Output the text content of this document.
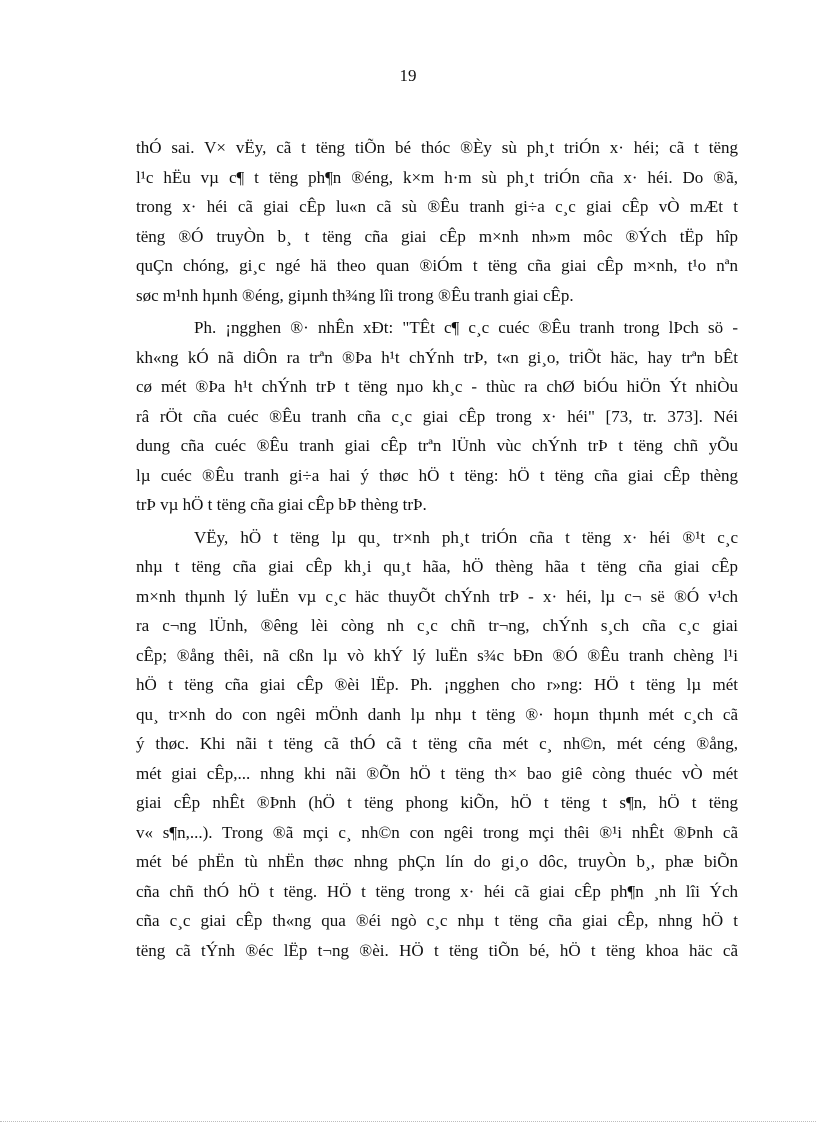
19

thÓ sai. V× vËy, cã t tëng tiÕn bé thóc ®Èy sù ph¸t triÓn x· héi; cã t tëng
l¹c hËu vµ c¶ t tëng ph¶n ®éng, k×m h·m sù ph¸t triÓn cña x· héi. Do ®ã,
trong x· héi cã giai cÊp lu«n cã sù ®Êu tranh gi÷a c¸c giai cÊp vÒ mÆt t
tëng ®Ó truyÒn b¸ t tëng cña giai cÊp m×nh nh»m môc ®Ých tËp hîp
quÇn chóng, gi¸c ngé hä theo quan ®iÓm t tëng cña giai cÊp m×nh, t¹o nªn
søc m¹nh hµnh ®éng, giµnh th¾ng lîi trong ®Êu tranh giai cÊp.

Ph. ¡ngghen ®· nhÊn xÐt: "TÊt c¶ c¸c cuéc ®Êu tranh trong lÞch sö -
kh«ng kÓ nã diÔn ra trªn ®Þa h¹t chÝnh trÞ, t«n gi¸o, triÕt häc, hay trªn bÊt
cø mét ®Þa h¹t chÝnh trÞ t tëng nµo kh¸c - thùc ra chØ biÓu hiÖn Ýt nhiÒu
râ rÖt cña cuéc ®Êu tranh cña c¸c giai cÊp trong x· héi" [73, tr. 373]. Néi
dung cña cuéc ®Êu tranh giai cÊp trªn lÜnh vùc chÝnh trÞ t tëng chñ yÕu
lµ cuéc ®Êu tranh gi÷a hai ý thøc hÖ t tëng: hÖ t tëng cña giai cÊp thèng
trÞ vµ hÖ t tëng cña giai cÊp bÞ thèng trÞ.

VËy, hÖ t tëng lµ qu¸ tr×nh ph¸t triÓn cña t tëng x· héi ®¹t c¸c
nhµ t tëng cña giai cÊp kh¸i qu¸t hãa, hÖ thèng hãa t tëng cña giai cÊp
m×nh thµnh lý luËn vµ c¸c häc thuyÕt chÝnh trÞ - x· héi, lµ c¬ së ®Ó v¹ch
ra c¬ng lÜnh, ®êng lèi còng nh c¸c chñ tr¬ng, chÝnh s¸ch cña c¸c giai
cÊp; ®ång thêi, nã cßn lµ vò khÝ lý luËn s¾c bÐn ®Ó ®Êu tranh chèng l¹i
hÖ t tëng cña giai cÊp ®èi lËp. Ph. ¡ngghen cho r»ng: HÖ t tëng lµ mét
qu¸ tr×nh do con ngêi mÖnh danh lµ nhµ t tëng ®· hoµn thµnh mét c¸ch cã
ý thøc. Khi nãi t tëng cã thÓ cã t tëng cña mét c¸ nh©n, mét céng ®ång,
mét giai cÊp,... nhng khi nãi ®Õn hÖ t tëng th× bao giê còng thuéc vÒ mét
giai cÊp nhÊt ®Þnh (hÖ t tëng phong kiÕn, hÖ t tëng t s¶n, hÖ t tëng
v« s¶n,...). Trong ®ã mçi c¸ nh©n con ngêi trong mçi thêi ®¹i nhÊt ®Þnh cã
mét bé phËn tù nhËn thøc nhng phÇn lín do gi¸o dôc, truyÒn b¸, phæ biÕn
cña chñ thÓ hÖ t tëng. HÖ t tëng trong x· héi cã giai cÊp ph¶n ¸nh lîi Ých
cña c¸c giai cÊp th«ng qua ®éi ngò c¸c nhµ t tëng cña giai cÊp, nhng hÖ t
tëng cã tÝnh ®éc lËp t¬ng ®èi. HÖ t tëng tiÕn bé, hÖ t tëng khoa häc cã
